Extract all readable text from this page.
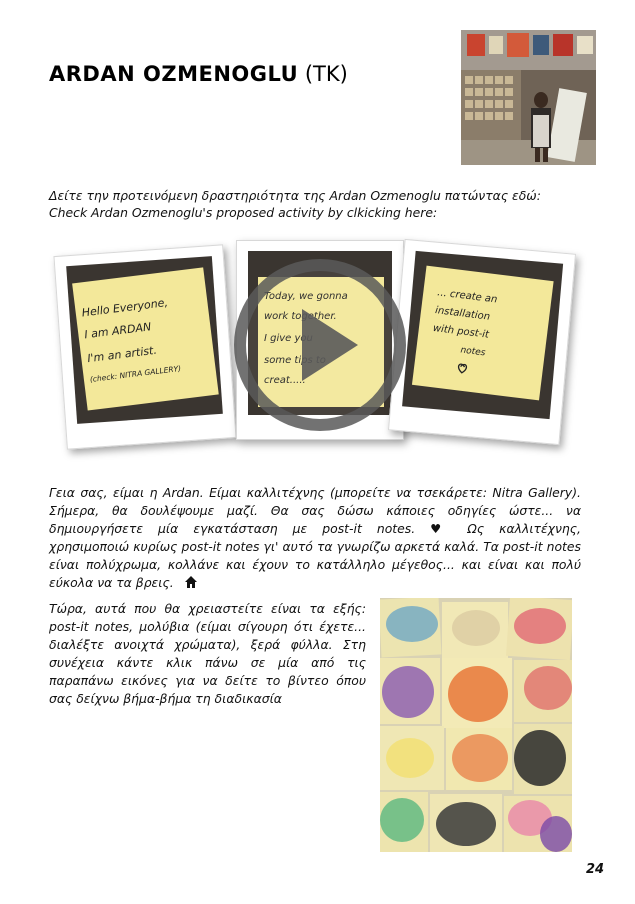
ARDAN OZMENOGLU (TK)
Δείτε την προτεινόμενη δραστηριότητα της Ardan Ozmenoglu πατώντας εδώ:
Check Ardan Ozmenoglu's proposed activity by clkicking here:
Hello Everyone,
I am ARDAN
I'm an artist.
(check: NITRA GALLERY)
... create an
installation
with post-it
notes
Γεια σας, είμαι η Ardan. Είμαι καλλιτέχνης (μπορείτε να τσεκάρετε: Nitra Gallery).
Σήμερα, θα δουλέψουμε μαζί. Θα σας δώσω κάποιες οδηγίες ώστε... να
δημιουργήσετε μία εγκατάσταση με post-it notes. ♥ Ως καλλιτέχνης,
χρησιμοποιώ κυρίως post-it notes γι' αυτό τα γνωρίζω αρκετά καλά. Τα post-it notes
είναι πολύχρωμα, κολλάνε και έχουν το κατάλληλο μέγεθος... και είναι και πολύ
εύκολα να τα βρεις.
Τώρα, αυτά που θα χρειαστείτε είναι τα εξής:
post-it notes, μολύβια (είμαι σίγουρη ότι έχετε...
διαλέξτε ανοιχτά χρώματα), ξερά φύλλα. Στη
συνέχεια κάντε κλικ πάνω σε μία από τις
παραπάνω εικόνες για να δείτε το βίντεο όπου
σας δείχνω βήμα-βήμα τη διαδικασία
24
